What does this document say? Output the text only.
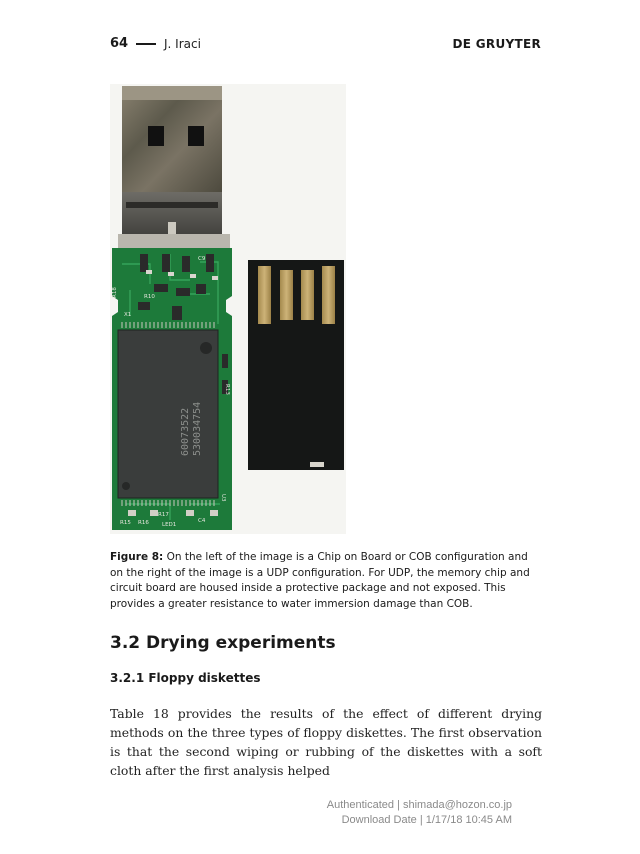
64	J. Iraci	DE GRUYTER
60073522 530034754
R18	R10
R13
R15 R16
R17
LED1
C9
C4
X1
U3
Figure 8: On the left of the image is a Chip on Board or COB configuration and on the right of the image is a UDP configuration. For UDP, the memory chip and circuit board are housed inside a protective package and not exposed. This provides a greater resistance to water immersion damage than COB.
3.2 Drying experiments
3.2.1 Floppy diskettes
Table 18 provides the results of the effect of different drying methods on the three types of floppy diskettes. The first observation is that the second wiping or rubbing of the diskettes with a soft cloth after the first analysis helped
Authenticated | shimada@hozon.co.jp
Download Date | 1/17/18 10:45 AM
